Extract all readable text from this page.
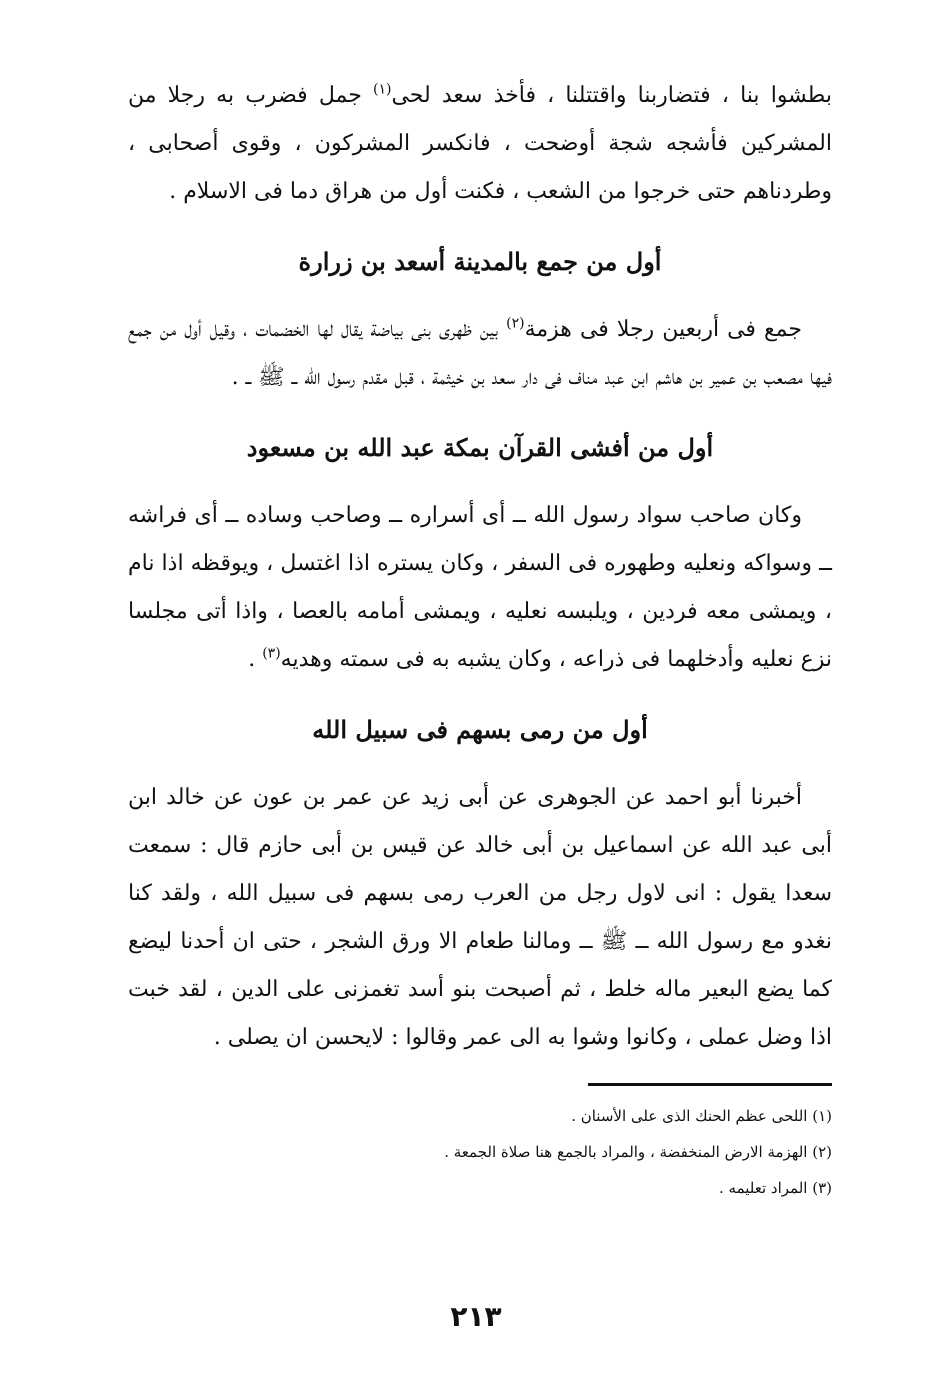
بطشوا بنا ، فتضاربنا واقتتلنا ، فأخذ سعد لحى$^{(١)}$ جمل فضرب به رجلا من المشركين فأشجه شجة أوضحت ، فانكسر المشركون ، وقوى أصحابى ، وطردناهم حتى خرجوا من الشعب ، فكنت أول من هراق دما فى الاسلام .

أول من جمع بالمدينة أسعد بن زرارة

جمع فى أربعين رجلا فى هزمة$^{(٢)}$ بين ظهرى بنى بياضة يقال لها الخضمات ، وقيل أول من جمع فيها مصعب بن عمير بن هاشم ابن عبد مناف فى دار سعد بن خيثمة ، قبل مقدم رسول الله ــ ﷺ ــ .

أول من أفشى القرآن بمكة عبد الله بن مسعود

وكان صاحب سواد رسول الله ــ أى أسراره ــ وصاحب وساده ــ أى فراشه ــ وسواكه ونعليه وطهوره فى السفر ، وكان يستره اذا اغتسل ، ويوقظه اذا نام ، ويمشى معه فردين ، ويلبسه نعليه ، ويمشى أمامه بالعصا ، واذا أتى مجلسا نزع نعليه وأدخلهما فى ذراعه ، وكان يشبه به فى سمته وهديه$^{(٣)}$ .

أول من رمى بسهم فى سبيل الله

أخبرنا أبو احمد عن الجوهرى عن أبى زيد عن عمر بن عون عن خالد ابن أبى عبد الله عن اسماعيل بن أبى خالد عن قيس بن أبى حازم قال : سمعت سعدا يقول : انى لاول رجل من العرب رمى بسهم فى سبيل الله ، ولقد كنا نغدو مع رسول الله ــ ﷺ ــ ومالنا طعام الا ورق الشجر ، حتى ان أحدنا ليضع كما يضع البعير ماله خلط ، ثم أصبحت بنو أسد تغمزنى على الدين ، لقد خبت اذا وضل عملى ، وكانوا وشوا به الى عمر وقالوا : لايحسن ان يصلى .

(١) اللحى عظم الحنك الذى على الأسنان .

(٢) الهزمة الارض المنخفضة ، والمراد بالجمع هنا صلاة الجمعة .

(٣) المراد تعليمه .

٢١٣
